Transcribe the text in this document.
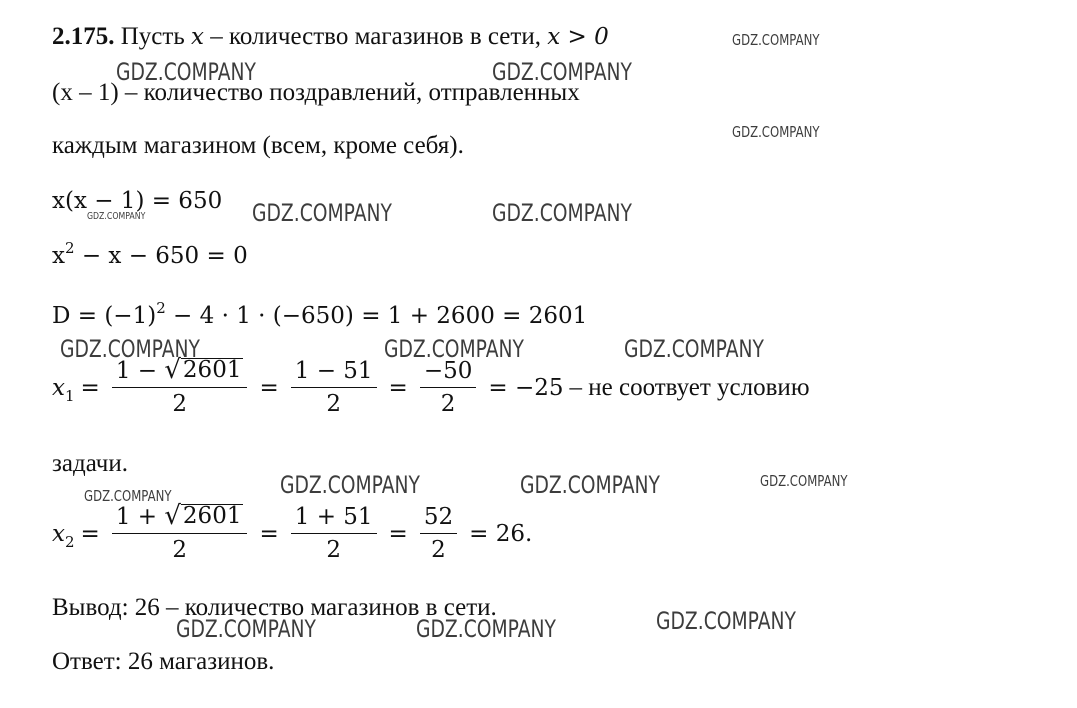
2.175. Пусть x – количество магазинов в сети, x > 0
(x – 1) – количество поздравлений, отправленных
каждым магазином (всем, кроме себя).
x(x − 1) = 650
$x^2 - x - 650 = 0$
$D = (-1)^2 - 4 \cdot 1 \cdot (-650) = 1 + 2600 = 2601$
$x_1 = \frac{1 - √ 2601}{2} = \frac{1 - 51}{2} = \frac{-50}{2} = -25$ – не соотвует условию
задачи.
$x_2 = \frac{1 + √ 2601}{2} = \frac{1 + 51}{2} = \frac{52}{2} = 26$.
Вывод: 26 – количество магазинов в сети.
Ответ: 26 магазинов.
GDZ.COMPANY
GDZ.COMPANY	GDZ.COMPANY
GDZ.COMPANY
GDZ.COMPANY	GDZ.COMPANY
GDZ.COMPANY
GDZ.COMPANY	GDZ.COMPANY	GDZ.COMPANY
GDZ.COMPANY	GDZ.COMPANY	GDZ.COMPANY
GDZ.COMPANY
GDZ.COMPANY
GDZ.COMPANY	GDZ.COMPANY
